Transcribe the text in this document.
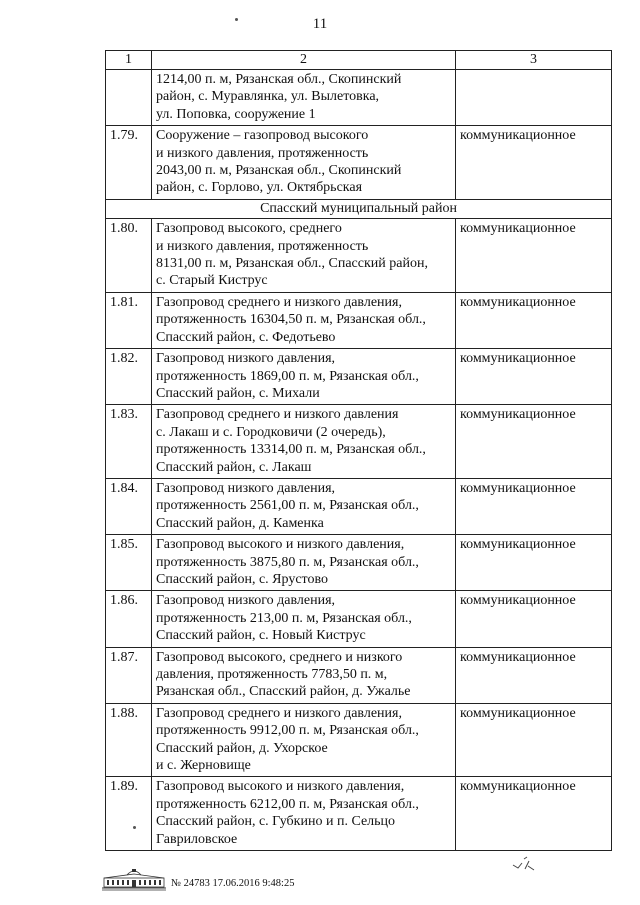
11
1	2	3

	1214,00 п. м, Рязанская обл., Скопинский
район, с. Муравлянка, ул. Вылетовка,
ул. Поповка, сооружение 1	

1.79.	Сооружение – газопровод высокого
и низкого давления, протяженность
2043,00 п. м, Рязанская обл., Скопинский
район, с. Горлово, ул. Октябрьская	коммуникационное
Спасский муниципальный район		
1.80.	Газопровод высокого, среднего
и низкого давления, протяженность
8131,00 п. м, Рязанская обл., Спасский район,
с. Старый Киструс	коммуникационное
1.81.	Газопровод среднего и низкого давления,
протяженность 16304,50 п. м, Рязанская обл.,
Спасский район, с. Федотьево	коммуникационное
1.82.	Газопровод низкого давления,
протяженность 1869,00 п. м, Рязанская обл.,
Спасский район, с. Михали	коммуникационное
1.83.	Газопровод среднего и низкого давления
с. Лакаш и с. Городковичи (2 очередь),
протяженность 13314,00 п. м, Рязанская обл.,
Спасский район, с. Лакаш	коммуникационное
1.84.	Газопровод низкого давления,
протяженность 2561,00 п. м, Рязанская обл.,
Спасский район, д. Каменка	коммуникационное
1.85.	Газопровод высокого и низкого давления,
протяженность 3875,80 п. м, Рязанская обл.,
Спасский район, с. Ярустово	коммуникационное
1.86.	Газопровод низкого давления,
протяженность 213,00 п. м, Рязанская обл.,
Спасский район, с. Новый Киструс	коммуникационное
1.87.	Газопровод высокого, среднего и низкого
давления, протяженность 7783,50 п. м,
Рязанская обл., Спасский район, д. Ужалье	коммуникационное
1.88.	Газопровод среднего и низкого давления,
протяженность 9912,00 п. м, Рязанская обл.,
Спасский район, д. Ухорское
и с. Жерновище	коммуникационное
1.89.	Газопровод высокого и низкого давления,
протяженность 6212,00 п. м, Рязанская обл.,
Спасский район, с. Губкино и п. Сельцо
Гавриловское	коммуникационное
№ 24783 17.06.2016 9:48:25
